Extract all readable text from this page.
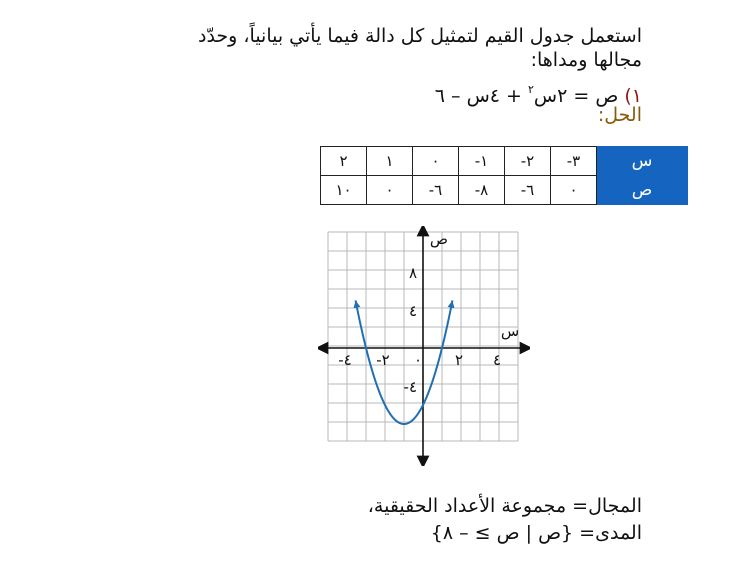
استعمل جدول القيم لتمثيل كل دالة فيما يأتي بيانياً، وحدّد
مجالها ومداها:
١) ص = ٢س$^٢$ + ٤س – ٦
الحل:
٢	١	٠	-١	-٢	-٣	س
١٠	٠	-٦	-٨	-٦	٠	ص
-٤ -٢ ٠ ٢ ٤
٨
٤
-٤
س
ص
المجال= مجموعة الأعداد الحقيقية،
المدى= {ص | ص ≥ – ٨}
